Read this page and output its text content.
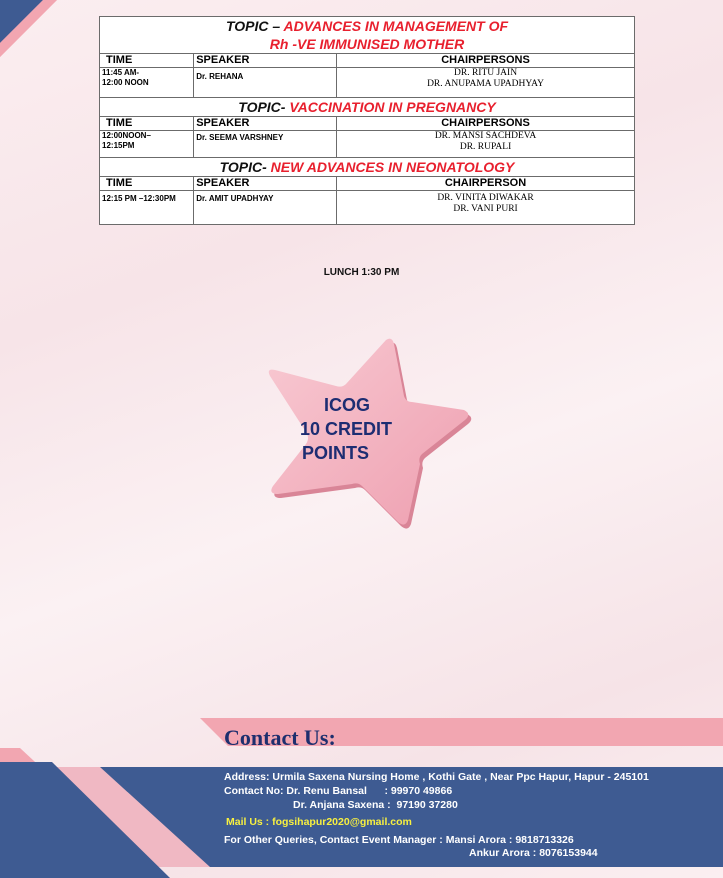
TOPIC – ADVANCES IN MANAGEMENT OF
Rh -VE IMMUNISED MOTHER		
TIME	SPEAKER	CHAIRPERSONS
11:45 AM-
12:00 NOON	Dr. REHANA	DR. RITU JAIN
DR. ANUPAMA UPADHYAY
TOPIC- VACCINATION IN PREGNANCY		
TIME	SPEAKER	CHAIRPERSONS
12:00NOON–
12:15PM	Dr. SEEMA VARSHNEY	DR. MANSI SACHDEVA
DR. RUPALI
TOPIC- NEW ADVANCES IN NEONATOLOGY		
TIME	SPEAKER	CHAIRPERSON
12:15 PM –12:30PM	Dr. AMIT UPADHYAY	DR. VINITA DIWAKAR
DR. VANI PURI
LUNCH 1:30 PM
ICOG
10 CREDIT
POINTS
Contact Us:
Address: Urmila Saxena Nursing Home , Kothi Gate , Near Ppc Hapur, Hapur - 245101
Contact No: Dr. Renu Bansal      : 99970 49866
Dr. Anjana Saxena :  97190 37280
Mail Us : fogsihapur2020@gmail.com
For Other Queries, Contact Event Manager : Mansi Arora : 9818713326
Ankur Arora : 8076153944
